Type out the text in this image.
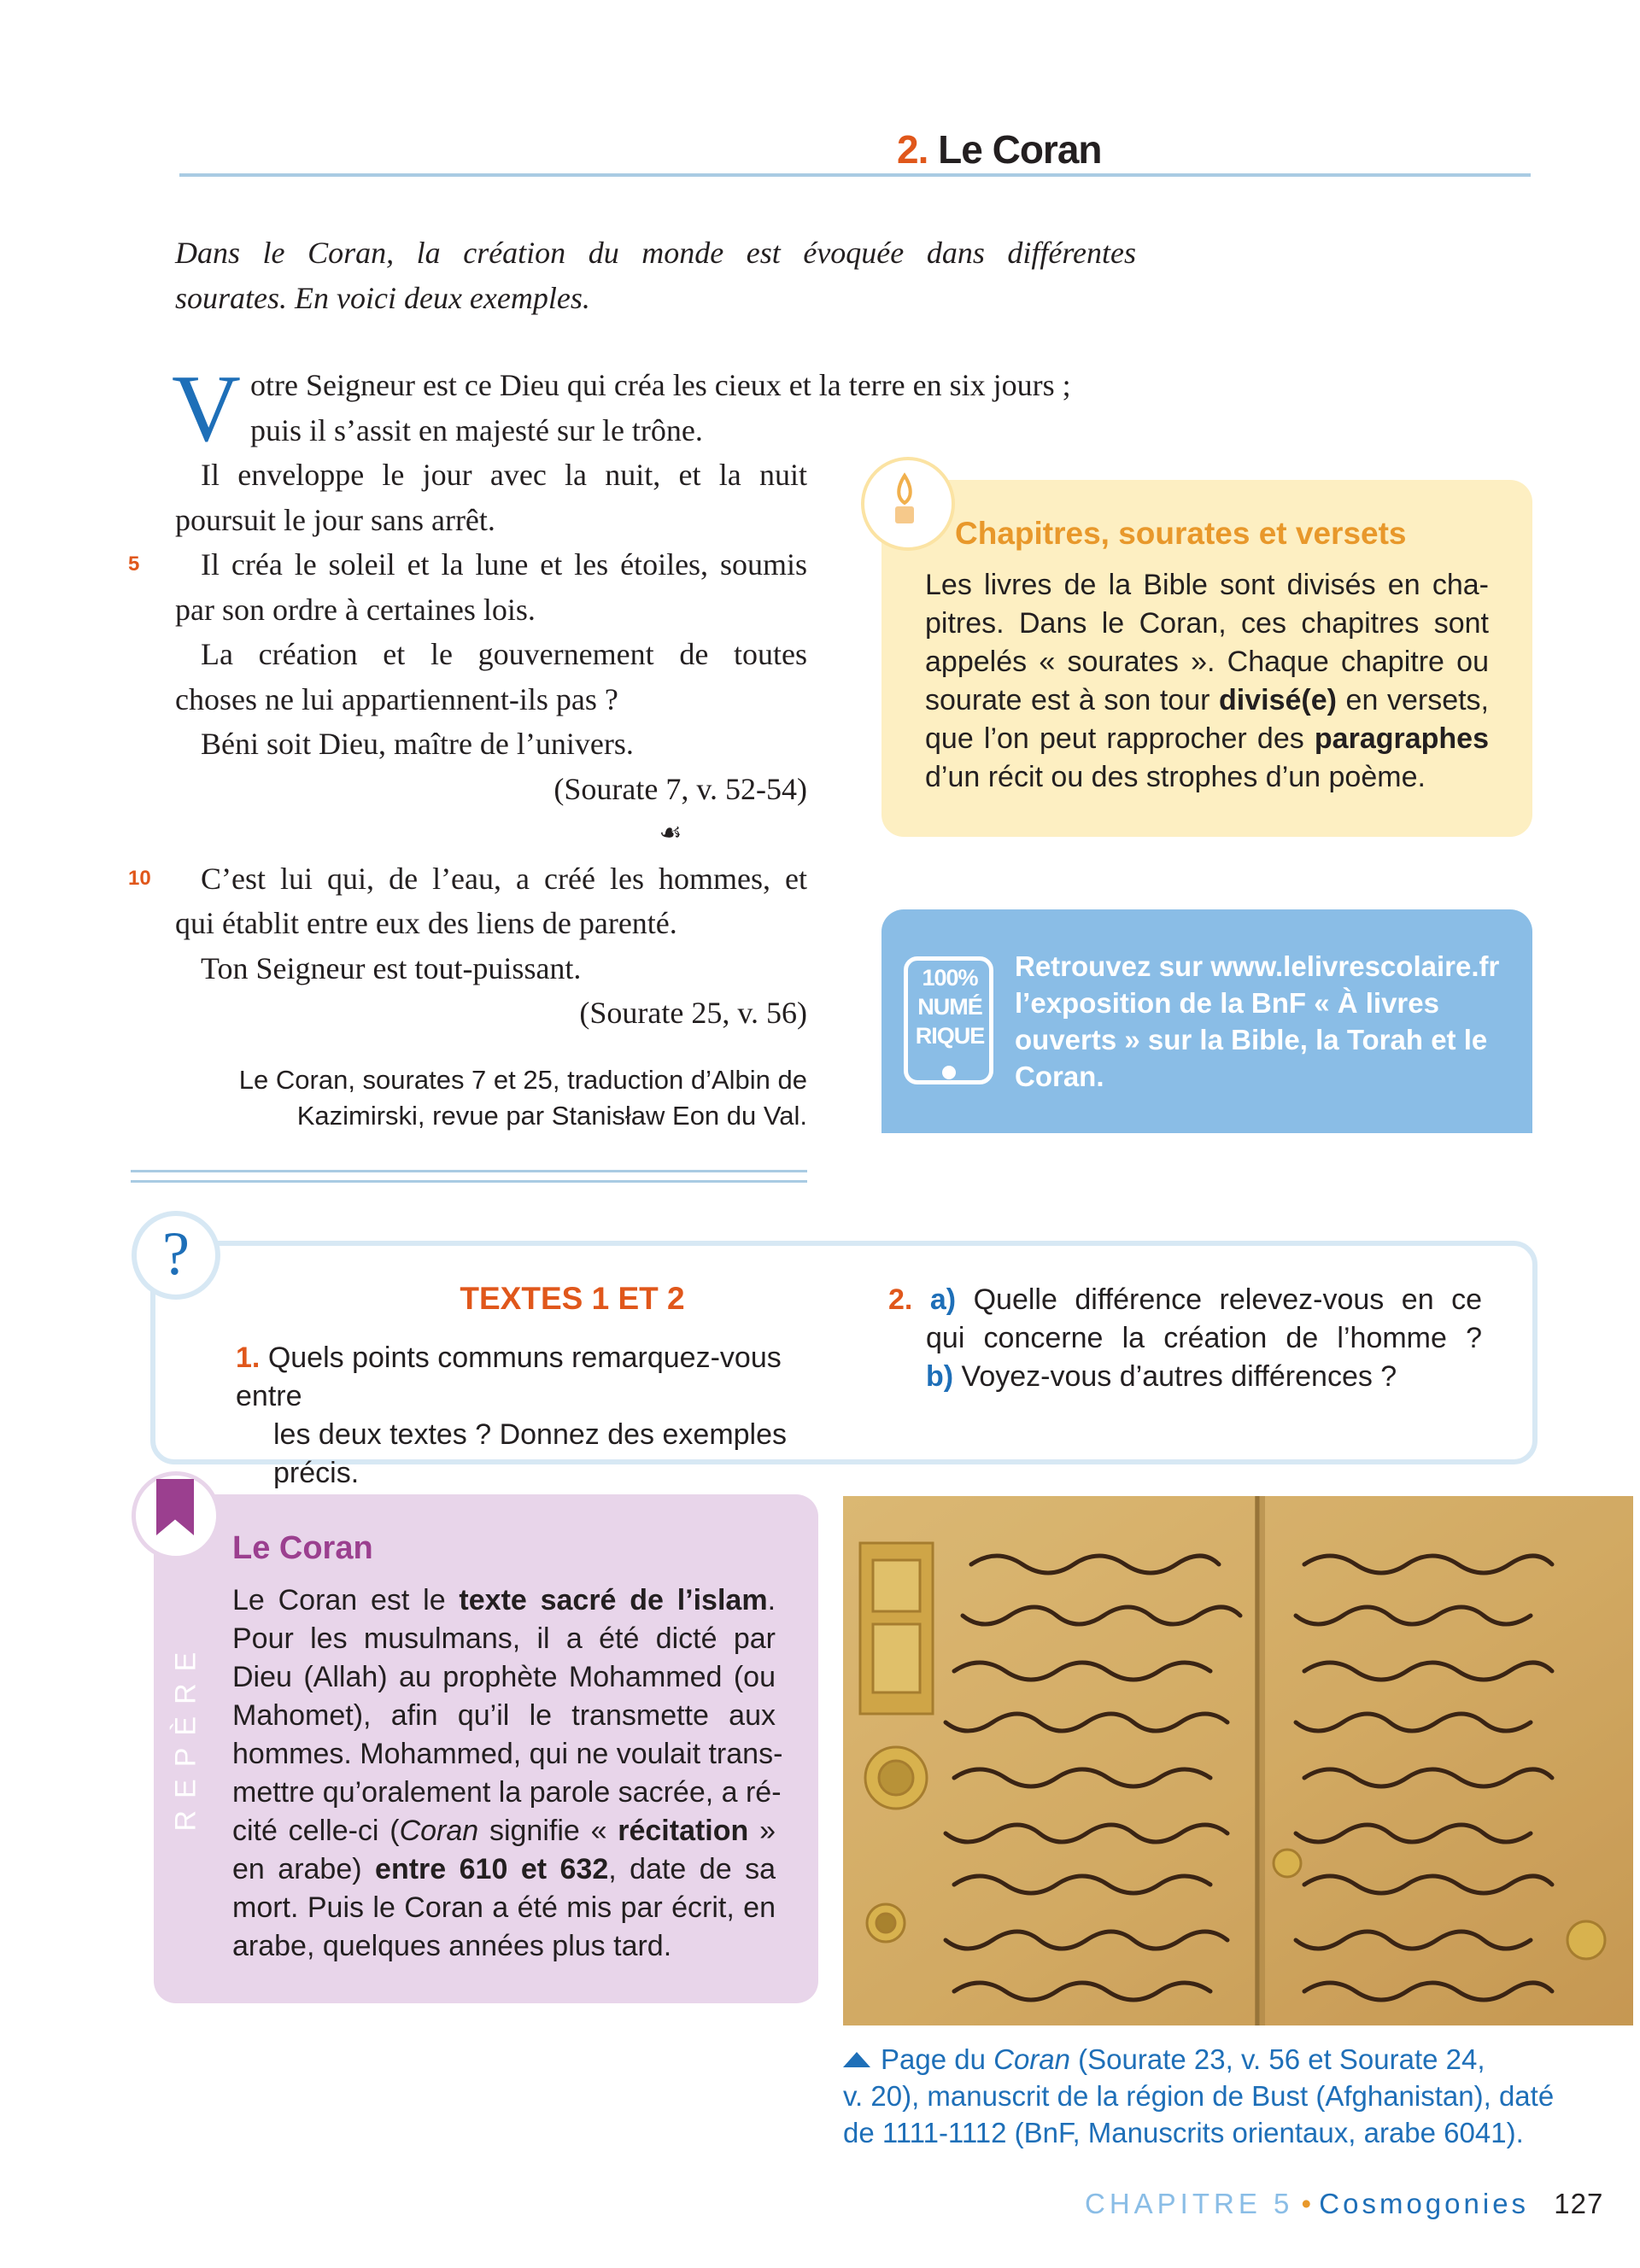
2. Le Coran
Dans le Coran, la création du monde est évoquée dans différentes
sourates. En voici deux exemples.
V otre Seigneur est ce Dieu qui créa les cieux et la terre en six jours ;
puis il s’assit en majesté sur le trône.
Il enveloppe le jour avec la nuit, et la nuit
poursuit le jour sans arrêt.
5 Il créa le soleil et la lune et les étoiles, soumis
par son ordre à certaines lois.
La création et le gouvernement de toutes
choses ne lui appartiennent-ils pas ?
Béni soit Dieu, maître de l’univers.
(Sourate 7, v. 52-54)
☙
10 C’est lui qui, de l’eau, a créé les hommes, et
qui établit entre eux des liens de parenté.
Ton Seigneur est tout-puissant.
(Sourate 25, v. 56)
Le Coran, sourates 7 et 25, traduction d’Albin de
Kazimirski, revue par Stanisław Eon du Val.
Chapitres, sourates et versets
Les livres de la Bible sont divisés en cha-
pitres. Dans le Coran, ces chapitres sont
appelés « sourates ». Chaque chapitre ou
sourate est à son tour divisé(e) en versets,
que l’on peut rapprocher des paragraphes
d’un récit ou des strophes d’un poème.
100%
NUMÉ
RIQUE
Retrouvez sur www.lelivrescolaire.fr
l’exposition de la BnF « À livres
ouverts » sur la Bible, la Torah et le
Coran.
?
TEXTES 1 ET 2
1. Quels points communs remarquez-vous entre
les deux textes ? Donnez des exemples précis.
2. a) Quelle différence relevez-vous en ce
qui concerne la création de l’homme ?
b) Voyez-vous d’autres différences ?
REPÈRE
Le Coran
Le Coran est le texte sacré de l’islam.
Pour les musulmans, il a été dicté par
Dieu (Allah) au prophète Mohammed (ou
Mahomet), afin qu’il le transmette aux
hommes. Mohammed, qui ne voulait trans-
mettre qu’oralement la parole sacrée, a ré-
cité celle-ci (Coran signifie « récitation »
en arabe) entre 610 et 632, date de sa
mort. Puis le Coran a été mis par écrit, en
arabe, quelques années plus tard.
Page du Coran (Sourate 23, v. 56 et Sourate 24,
v. 20), manuscrit de la région de Bust (Afghanistan), daté
de 1111-1112 (BnF, Manuscrits orientaux, arabe 6041).
CHAPITRE 5 • Cosmogonies 127
